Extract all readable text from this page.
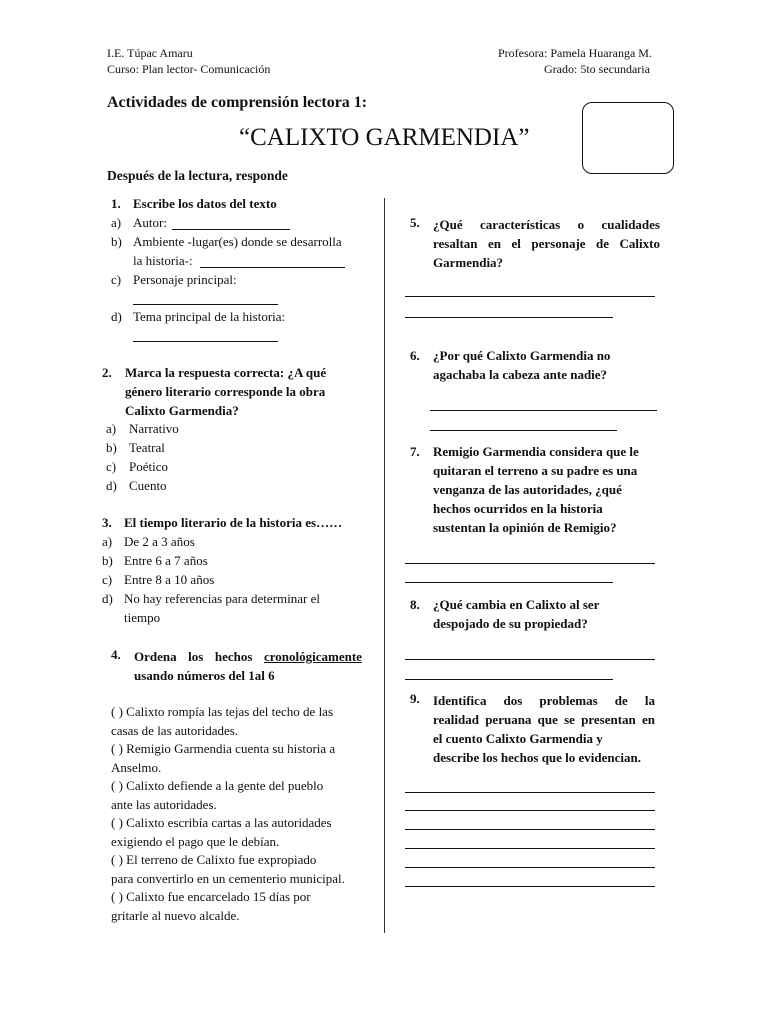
I.E. Túpac Amaru
Curso: Plan lector- Comunicación
Profesora: Pamela Huaranga M.
Grado: 5to secundaria
Actividades de comprensión lectora 1:
“CALIXTO GARMENDIA”
Después de la lectura, responde
1. Escribe los datos del texto
a) Autor:
b) Ambiente -lugar(es) donde se desarrolla
la historia-:
c) Personaje principal:
d) Tema principal de la historia:
2. Marca la respuesta correcta: ¿A qué
género literario corresponde la obra
Calixto Garmendia?
a) Narrativo
b) Teatral
c) Poético
d) Cuento
3. El tiempo literario de la historia es……
a) De 2 a 3 años
b) Entre 6 a 7 años
c) Entre 8 a 10 años
d) No hay referencias para determinar el
tiempo
4. Ordena los hechos cronológicamente
usando números del 1al 6
( ) Calixto rompía las tejas del techo de las
casas de las autoridades.
( ) Remigio Garmendia cuenta su historia a
Anselmo.
( ) Calixto defiende a la gente del pueblo
ante las autoridades.
( ) Calixto escribía cartas a las autoridades
exigiendo el pago que le debían.
( ) El terreno de Calixto fue expropiado
para convertirlo en un cementerio municipal.
( ) Calixto fue encarcelado 15 días por
gritarle al nuevo alcalde.
5. ¿Qué características o cualidades
resaltan en el personaje de Calixto
Garmendia?
6. ¿Por qué Calixto Garmendia no
agachaba la cabeza ante nadie?
7. Remigio Garmendia considera que le
quitaran el terreno a su padre es una
venganza de las autoridades, ¿qué
hechos ocurridos en la historia
sustentan la opinión de Remigio?
8. ¿Qué cambia en Calixto al ser
despojado de su propiedad?
9. Identifica dos problemas de la
realidad peruana que se presentan en
el cuento Calixto Garmendia y
describe los hechos que lo evidencian.
